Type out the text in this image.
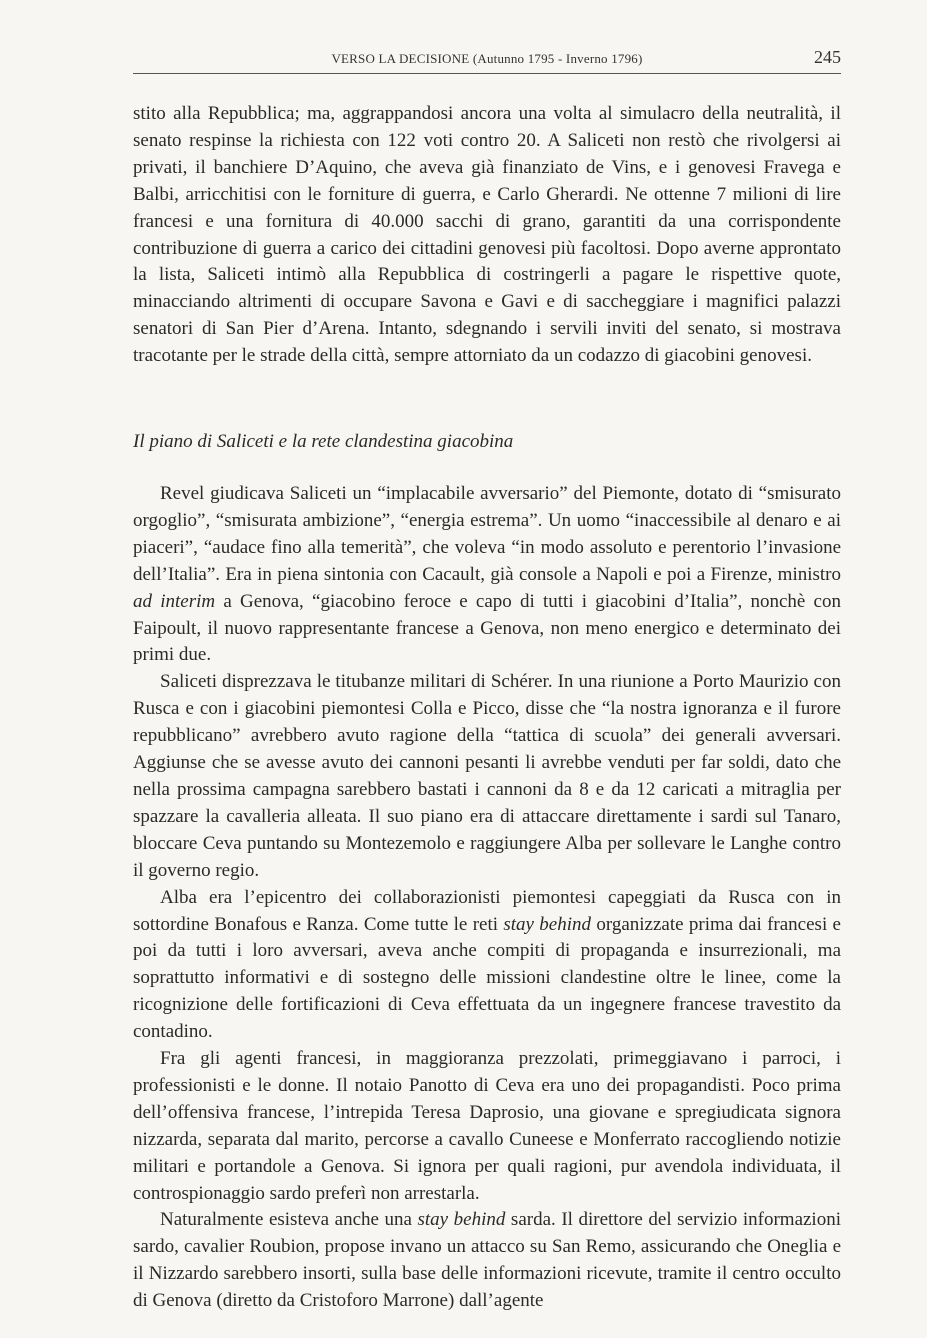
VERSO LA DECISIONE (Autunno 1795 - Inverno 1796)	245

stito alla Repubblica; ma, aggrappandosi ancora una volta al simulacro della neutralità, il senato respinse la richiesta con 122 voti contro 20. A Saliceti non restò che rivolgersi ai privati, il banchiere D’Aquino, che aveva già finanziato de Vins, e i genovesi Fravega e Balbi, arricchitisi con le forniture di guerra, e Carlo Gherardi. Ne ottenne 7 milioni di lire francesi e una fornitura di 40.000 sacchi di grano, garantiti da una corrispondente contribuzione di guerra a carico dei cittadini genovesi più facoltosi. Dopo averne approntato la lista, Saliceti intimò alla Repubblica di costringerli a pagare le rispettive quote, minacciando altrimenti di occupare Savona e Gavi e di saccheggiare i magnifici palazzi senatori di San Pier d’Arena. Intanto, sdegnando i servili inviti del senato, si mostrava tracotante per le strade della città, sempre attorniato da un codazzo di giacobini genovesi.

Il piano di Saliceti e la rete clandestina giacobina

Revel giudicava Saliceti un “implacabile avversario” del Piemonte, dotato di “smisurato orgoglio”, “smisurata ambizione”, “energia estrema”. Un uomo “inaccessibile al denaro e ai piaceri”, “audace fino alla temerità”, che voleva “in modo assoluto e perentorio l’invasione dell’Italia”. Era in piena sintonia con Cacault, già console a Napoli e poi a Firenze, ministro ad interim a Genova, “giacobino feroce e capo di tutti i giacobini d’Italia”, nonchè con Faipoult, il nuovo rappresentante francese a Genova, non meno energico e determinato dei primi due.

Saliceti disprezzava le titubanze militari di Schérer. In una riunione a Porto Maurizio con Rusca e con i giacobini piemontesi Colla e Picco, disse che “la nostra ignoranza e il furore repubblicano” avrebbero avuto ragione della “tattica di scuola” dei generali avversari. Aggiunse che se avesse avuto dei cannoni pesanti li avrebbe venduti per far soldi, dato che nella prossima campagna sarebbero bastati i cannoni da 8 e da 12 caricati a mitraglia per spazzare la cavalleria alleata. Il suo piano era di attaccare direttamente i sardi sul Tanaro, bloccare Ceva puntando su Montezemolo e raggiungere Alba per sollevare le Langhe contro il governo regio.

Alba era l’epicentro dei collaborazionisti piemontesi capeggiati da Rusca con in sottordine Bonafous e Ranza. Come tutte le reti stay behind organizzate prima dai francesi e poi da tutti i loro avversari, aveva anche compiti di propaganda e insurrezionali, ma soprattutto informativi e di sostegno delle missioni clandestine oltre le linee, come la ricognizione delle fortificazioni di Ceva effettuata da un ingegnere francese travestito da contadino.

Fra gli agenti francesi, in maggioranza prezzolati, primeggiavano i parroci, i professionisti e le donne. Il notaio Panotto di Ceva era uno dei propagandisti. Poco prima dell’offensiva francese, l’intrepida Teresa Daprosio, una giovane e spregiudicata signora nizzarda, separata dal marito, percorse a cavallo Cuneese e Monferrato raccogliendo notizie militari e portandole a Genova. Si ignora per quali ragioni, pur avendola individuata, il controspionaggio sardo preferì non arrestarla.

Naturalmente esisteva anche una stay behind sarda. Il direttore del servizio informazioni sardo, cavalier Roubion, propose invano un attacco su San Remo, assicurando che Oneglia e il Nizzardo sarebbero insorti, sulla base delle informazioni ricevute, tramite il centro occulto di Genova (diretto da Cristoforo Marrone) dall’agente
